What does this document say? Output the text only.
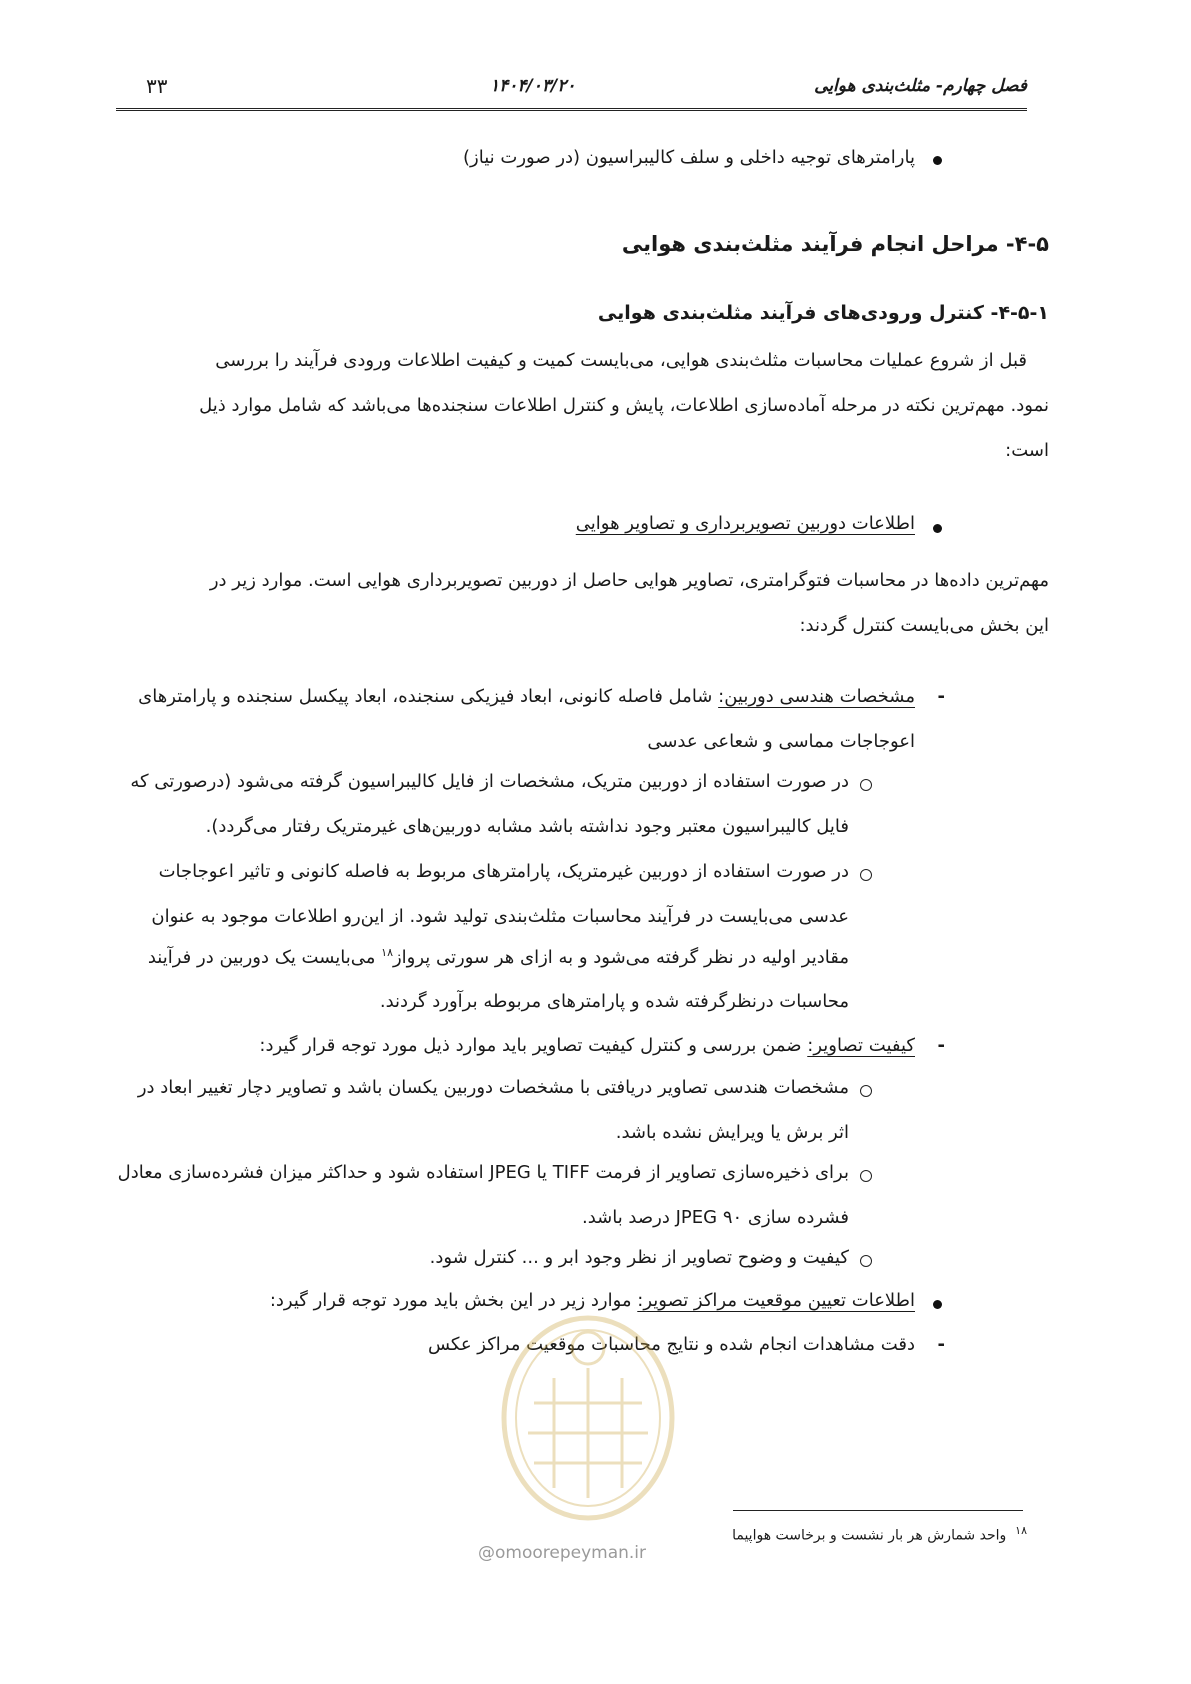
فصل چهارم- مثلث‌بندی هوایی
۱۴۰۴/۰۳/۲۰
۳۳
پارامترهای توجیه داخلی و سلف کالیبراسیون (در صورت نیاز)
۴-۵- مراحل انجام فرآیند مثلث‌بندی هوایی
۴-۵-۱- کنترل ورودی‌های فرآیند مثلث‌بندی هوایی
قبل از شروع عملیات محاسبات مثلث‌بندی هوایی، می‌بایست کمیت و کیفیت اطلاعات ورودی فرآیند را بررسی
نمود. مهم‌ترین نکته در مرحله آماده‌سازی اطلاعات، پایش و کنترل اطلاعات سنجنده‌ها می‌باشد که شامل موارد ذیل
است:
اطلاعات دوربین تصویربرداری و تصاویر هوایی
مهم‌ترین داده‌ها در محاسبات فتوگرامتری، تصاویر هوایی حاصل از دوربین تصویربرداری هوایی است. موارد زیر در
این بخش می‌بایست کنترل گردند:
-
مشخصات هندسی دوربین: شامل فاصله کانونی، ابعاد فیزیکی سنجنده، ابعاد پیکسل سنجنده و پارامترهای
اعوجاجات مماسی و شعاعی عدسی
در صورت استفاده از دوربین متریک، مشخصات از فایل کالیبراسیون گرفته می‌شود (درصورتی که
فایل کالیبراسیون معتبر وجود نداشته باشد مشابه دوربین‌های غیرمتریک رفتار می‌گردد).
در صورت استفاده از دوربین غیرمتریک، پارامترهای مربوط به فاصله کانونی و تاثیر اعوجاجات
عدسی می‌بایست در فرآیند محاسبات مثلث‌بندی تولید شود. از این‌رو اطلاعات موجود به عنوان
مقادیر اولیه در نظر گرفته می‌شود و به ازای هر سورتی پرواز$^{۱۸}$ می‌بایست یک دوربین در فرآیند
محاسبات درنظرگرفته شده و پارامترهای مربوطه برآورد گردند.
-
کیفیت تصاویر: ضمن بررسی و کنترل کیفیت تصاویر باید موارد ذیل مورد توجه قرار گیرد:
مشخصات هندسی تصاویر دریافتی با مشخصات دوربین یکسان باشد و تصاویر دچار تغییر ابعاد در
اثر برش یا ویرایش نشده باشد.
برای ذخیره‌سازی تصاویر از فرمت TIFF یا JPEG استفاده شود و حداکثر میزان فشرده‌سازی معادل
فشرده سازی JPEG ۹۰ درصد باشد.
کیفیت و وضوح تصاویر از نظر وجود ابر و ... کنترل شود.
اطلاعات تعیین موقعیت مراکز تصویر: موارد زیر در این بخش باید مورد توجه قرار گیرد:
-
دقت مشاهدات انجام شده و نتایج محاسبات موقعیت مراکز عکس
$^{۱۸}$  واحد شمارش هر بار نشست و برخاست هواپیما
@omoorepeyman.ir
